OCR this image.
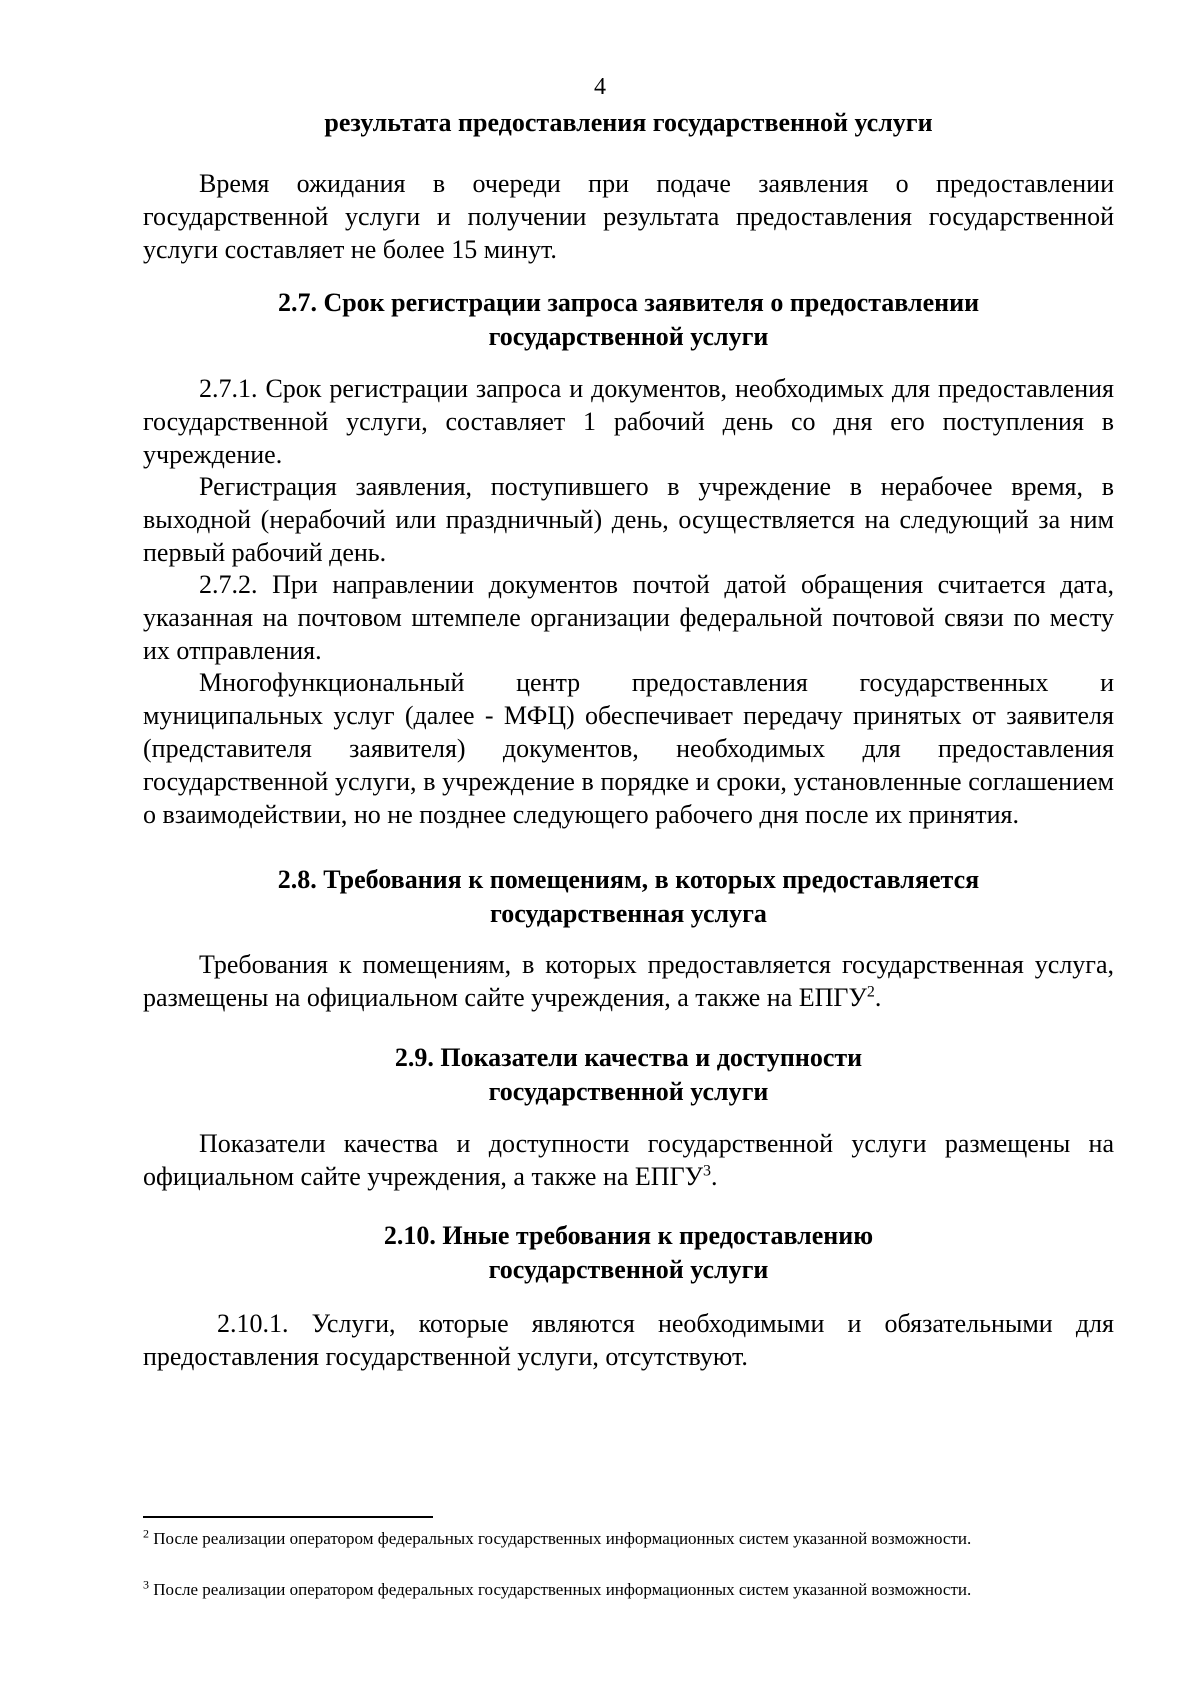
4
результата предоставления государственной услуги

Время ожидания в очереди при подаче заявления о предоставлении государственной услуги и получении результата предоставления государственной услуги составляет не более 15 минут.

2.7. Срок регистрации запроса заявителя о предоставлении
государственной услуги

2.7.1. Срок регистрации запроса и документов, необходимых для предоставления государственной услуги, составляет 1 рабочий день со дня его поступления в учреждение.

Регистрация заявления, поступившего в учреждение в нерабочее время, в выходной (нерабочий или праздничный) день, осуществляется на следующий за ним первый рабочий день.

2.7.2. При направлении документов почтой датой обращения считается дата, указанная на почтовом штемпеле организации федеральной почтовой связи по месту их отправления.

Многофункциональный центр предоставления государственных и муниципальных услуг (далее - МФЦ) обеспечивает передачу принятых от заявителя (представителя заявителя) документов, необходимых для предоставления государственной услуги, в учреждение в порядке и сроки, установленные соглашением о взаимодействии, но не позднее следующего рабочего дня после их принятия.

2.8. Требования к помещениям, в которых предоставляется
государственная услуга

Требования к помещениям, в которых предоставляется государственная услуга, размещены на официальном сайте учреждения, а также на ЕПГУ$^2$.

2.9. Показатели качества и доступности
государственной услуги

Показатели качества и доступности государственной услуги размещены на официальном сайте учреждения, а также на ЕПГУ$^3$.

2.10. Иные требования к предоставлению
государственной услуги

2.10.1. Услуги, которые являются необходимыми и обязательными для предоставления государственной услуги, отсутствуют.

$^2$ После реализации оператором федеральных государственных информационных систем указанной возможности.

$^3$ После реализации оператором федеральных государственных информационных систем указанной возможности.
